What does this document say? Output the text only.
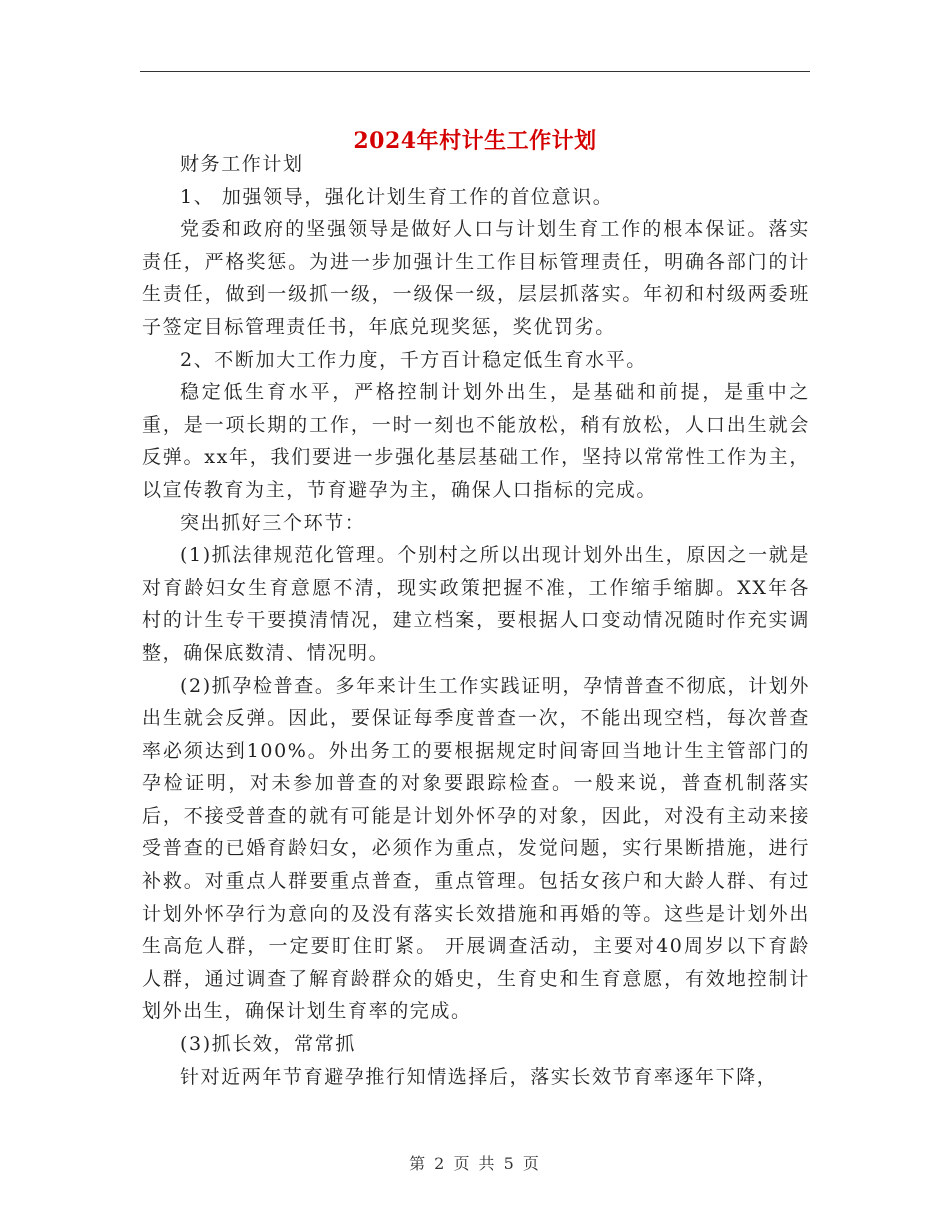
2024年村计生工作计划

财务工作计划

1、 加强领导，强化计划生育工作的首位意识。

党委和政府的坚强领导是做好人口与计划生育工作的根本保证。落实责任，严格奖惩。为进一步加强计生工作目标管理责任，明确各部门的计生责任，做到一级抓一级，一级保一级，层层抓落实。年初和村级两委班子签定目标管理责任书，年底兑现奖惩，奖优罚劣。

2、不断加大工作力度，千方百计稳定低生育水平。

稳定低生育水平，严格控制计划外出生，是基础和前提，是重中之重，是一项长期的工作，一时一刻也不能放松，稍有放松，人口出生就会反弹。xx年，我们要进一步强化基层基础工作，坚持以常常性工作为主，以宣传教育为主，节育避孕为主，确保人口指标的完成。

突出抓好三个环节：

(1)抓法律规范化管理。个别村之所以出现计划外出生，原因之一就是对育龄妇女生育意愿不清，现实政策把握不准，工作缩手缩脚。XX年各村的计生专干要摸清情况，建立档案，要根据人口变动情况随时作充实调整，确保底数清、情况明。

(2)抓孕检普查。多年来计生工作实践证明，孕情普查不彻底，计划外出生就会反弹。因此，要保证每季度普查一次，不能出现空档，每次普查率必须达到100%。外出务工的要根据规定时间寄回当地计生主管部门的孕检证明，对未参加普查的对象要跟踪检查。一般来说，普查机制落实后，不接受普查的就有可能是计划外怀孕的对象，因此，对没有主动来接受普查的已婚育龄妇女，必须作为重点，发觉问题，实行果断措施，进行补救。对重点人群要重点普查，重点管理。包括女孩户和大龄人群、有过计划外怀孕行为意向的及没有落实长效措施和再婚的等。这些是计划外出生高危人群，一定要盯住盯紧。 开展调查活动，主要对40周岁以下育龄人群，通过调查了解育龄群众的婚史，生育史和生育意愿，有效地控制计划外出生，确保计划生育率的完成。

(3)抓长效，常常抓

针对近两年节育避孕推行知情选择后，落实长效节育率逐年下降，

第 2 页 共 5 页
